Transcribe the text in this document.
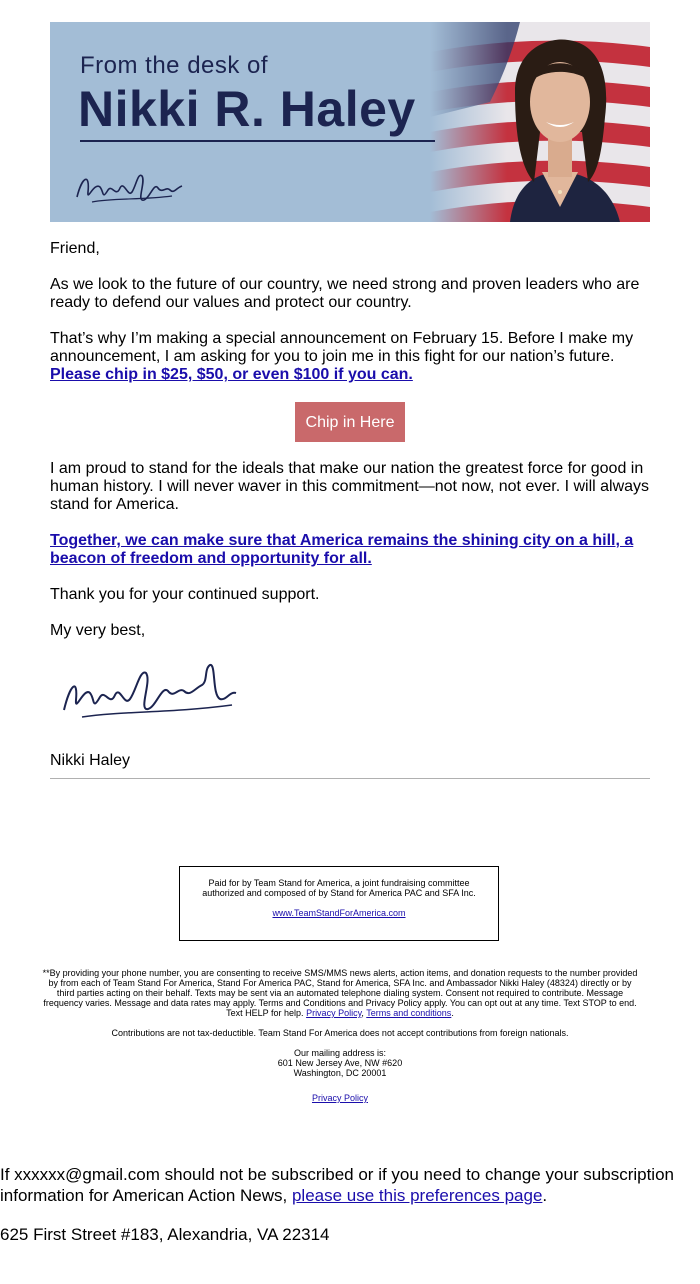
From the desk of
Nikki R. Haley
Friend,
As we look to the future of our country, we need strong and proven leaders who are ready to defend our values and protect our country.
That’s why I’m making a special announcement on February 15. Before I make my announcement, I am asking for you to join me in this fight for our nation’s future.
Please chip in $25, $50, or even $100 if you can.
Chip in Here
I am proud to stand for the ideals that make our nation the greatest force for good in human history. I will never waver in this commitment—not now, not ever. I will always stand for America.
Together, we can make sure that America remains the shining city on a hill, a beacon of freedom and opportunity for all.
Thank you for your continued support.
My very best,
Nikki Haley
Paid for by Team Stand for America, a joint fundraising committee authorized and composed of by Stand for America PAC and SFA Inc.
www.TeamStandForAmerica.com
**By providing your phone number, you are consenting to receive SMS/MMS news alerts, action items, and donation requests to the number provided by from each of Team Stand For America, Stand For America PAC, Stand for America, SFA Inc. and Ambassador Nikki Haley (48324) directly or by third parties acting on their behalf. Texts may be sent via an automated telephone dialing system. Consent not required to contribute. Message frequency varies. Message and data rates may apply. Terms and Conditions and Privacy Policy apply. You can opt out at any time. Text STOP to end. Text HELP for help. Privacy Policy, Terms and conditions.
Contributions are not tax-deductible. Team Stand For America does not accept contributions from foreign nationals.
Our mailing address is:
601 New Jersey Ave, NW #620
Washington, DC 20001
Privacy Policy
If xxxxxx@gmail.com should not be subscribed or if you need to change your subscription information for American Action News, please use this preferences page.
625 First Street #183, Alexandria, VA 22314
